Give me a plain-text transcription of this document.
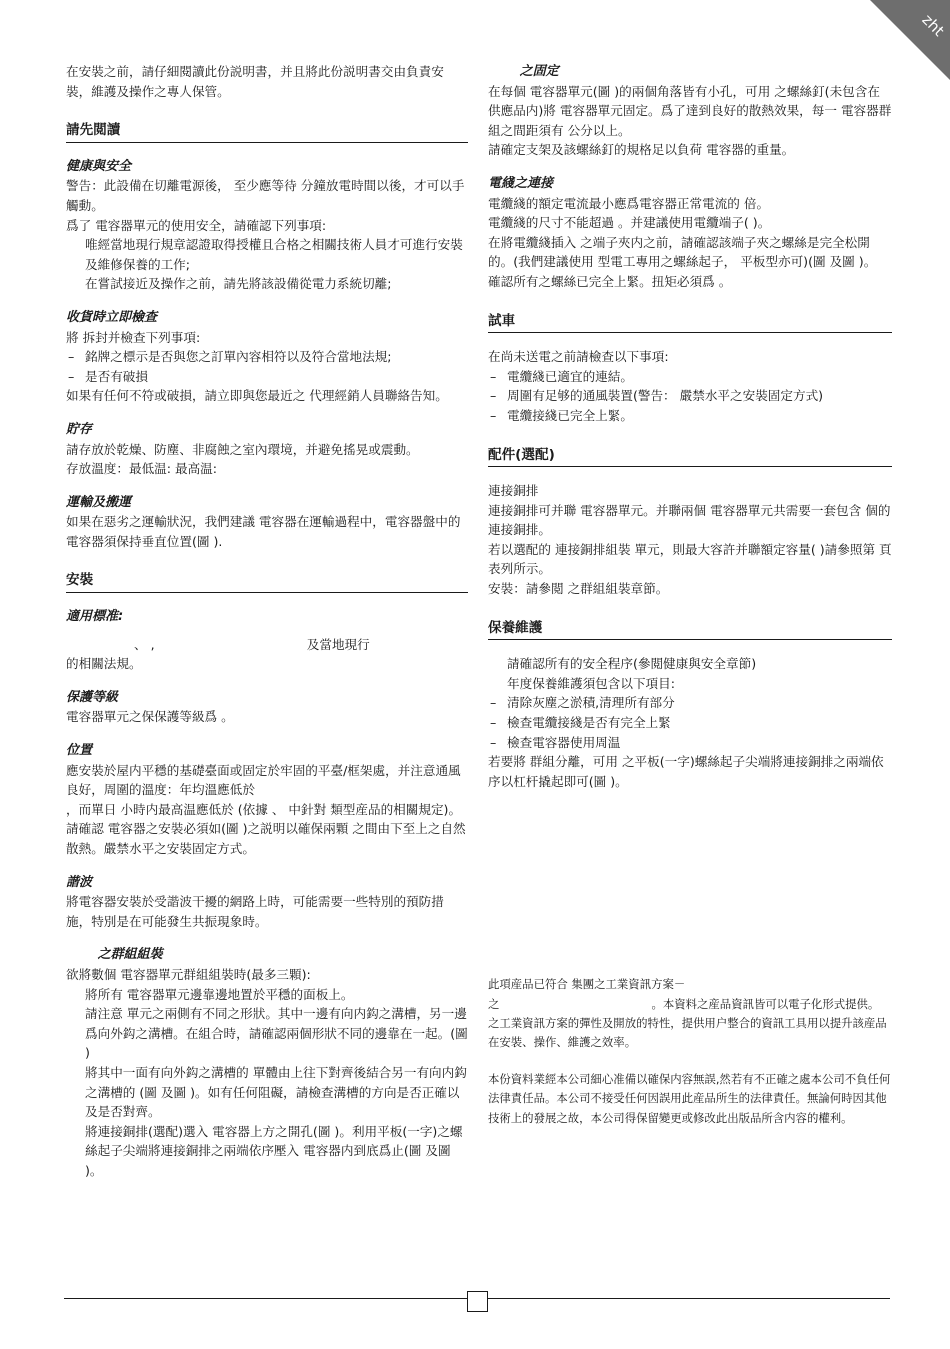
zht

在安裝之前，請仔細閱讀此份説明書，并且將此份説明書交由負責安裝，維護及操作之專人保管。

請先閲讀
健康與安全

警告：此設備在切離電源後， 至少應等待 分鐘放電時間以後，才可以手觸動。

爲了 電容器單元的使用安全，請確認下列事項:

唯經當地現行規章認證取得授權且合格之相關技術人員才可進行安裝及維修保養的工作;

在嘗試接近及操作之前，請先將該設備從電力系統切離;

收貨時立即檢查

將 拆封并檢查下列事項:

– 銘牌之標示是否與您之訂單內容相符以及符合當地法規;

– 是否有破損

如果有任何不符或破損，請立即與您最近之 代理經銷人員聯絡告知。

貯存

請存放於乾燥、防塵、非腐蝕之室內環境，并避免搖晃或震動。

存放溫度：最低温: 最高温:

運輸及搬運

如果在惡劣之運輸狀況，我們建議 電容器在運輸過程中，電容器盤中的 電容器須保持垂直位置(圖 ).

安裝
適用標准:

、 ,                                      及當地現行

的相關法規。

保護等級

電容器單元之保保護等級爲 。

位置

應安裝於屋内平穩的基礎臺面或固定於牢固的平臺/框架處，并注意通風良好，周圍的溫度：年均溫應低於

，而單日 小時内最高温應低於 (依據 、 中針對 類型産品的相關規定)。

請確認 電容器之安裝必須如(圖 )之説明以確保兩顆 之間由下至上之自然散熱。嚴禁水平之安裝固定方式。

諧波

將電容器安裝於受諧波干擾的網路上時，可能需要一些特別的預防措施，特別是在可能發生共振現象時。

之群組組裝

欲將數個 電容器單元群組組裝時(最多三顆):

將所有 電容器單元邊靠邊地置於平穩的面板上。

請注意 單元之兩側有不同之形狀。其中一邊有向内鈎之溝槽，另一邊爲向外鈎之溝槽。在組合時，請確認兩個形狀不同的邊靠在一起。(圖 )

將其中一面有向外鈎之溝槽的 單體由上往下對齊後結合另一有向内鈎之溝槽的 (圖 及圖 )。如有任何阻礙，請檢查溝槽的方向是否正確以及是否對齊。

將連接銅排(選配)選入 電容器上方之開孔(圖 )。利用平板(一字)之螺絲起子尖端將連接銅排之兩端依序壓入 電容器内到底爲止(圖 及圖 )。

之固定

在每個 電容器單元(圖 )的兩個角落皆有小孔，可用 之螺絲釘(未包含在供應品内)將 電容器單元固定。爲了達到良好的散熱效果，每一 電容器群組之間距須有 公分以上。

請確定支架及該螺絲釘的規格足以負荷 電容器的重量。

電綫之連接

電纜綫的額定電流最小應爲電容器正常電流的 倍。

電纜綫的尺寸不能超過 。并建議使用電纜端子( )。

在將電纜綫插入 之端子夾内之前，請確認該端子夾之螺絲是完全松開的。(我們建議使用 型電工專用之螺絲起子， 平板型亦可)(圖 及圖 )。

確認所有之螺絲已完全上緊。扭矩必須爲 。

試車

在尚未送電之前請檢查以下事項:

– 電纜綫已適宜的連結。

– 周圍有足够的通風裝置(警告： 嚴禁水平之安裝固定方式)

– 電纜接綫已完全上緊。

配件(選配)

連接銅排

連接銅排可并聯 電容器單元。并聯兩個 電容器單元共需要一套包含 個的連接銅排。

若以選配的 連接銅排組裝 單元，則最大容許并聯額定容量( )請參照第 頁表列所示。

安裝：請參閲 之群組組裝章節。

保養維護

請確認所有的安全程序(參閲健康與安全章節)

年度保養維護須包含以下項目:

– 清除灰塵之淤積,清理所有部分

– 檢查電纜接綫是否有完全上緊

– 檢查電容器使用周温

若要將 群組分離，可用 之平板(一字)螺絲起子尖端將連接銅排之兩端依序以杠杆撬起即可(圖 )。

此項産品已符合 集團之工業資訊方案－

之                                          。本資料之産品資訊皆可以電子化形式提供。

之工業資訊方案的彈性及開放的特性，提供用户整合的資訊工具用以提升該産品在安裝、操作、維護之效率。

本份資料業經本公司細心准備以確保内容無誤,然若有不正確之處本公司不負任何法律責任品。本公司不接受任何因誤用此産品所生的法律責任。無論何時因其他技術上的發展之故，本公司得保留變更或修改此出版品所含内容的權利。
